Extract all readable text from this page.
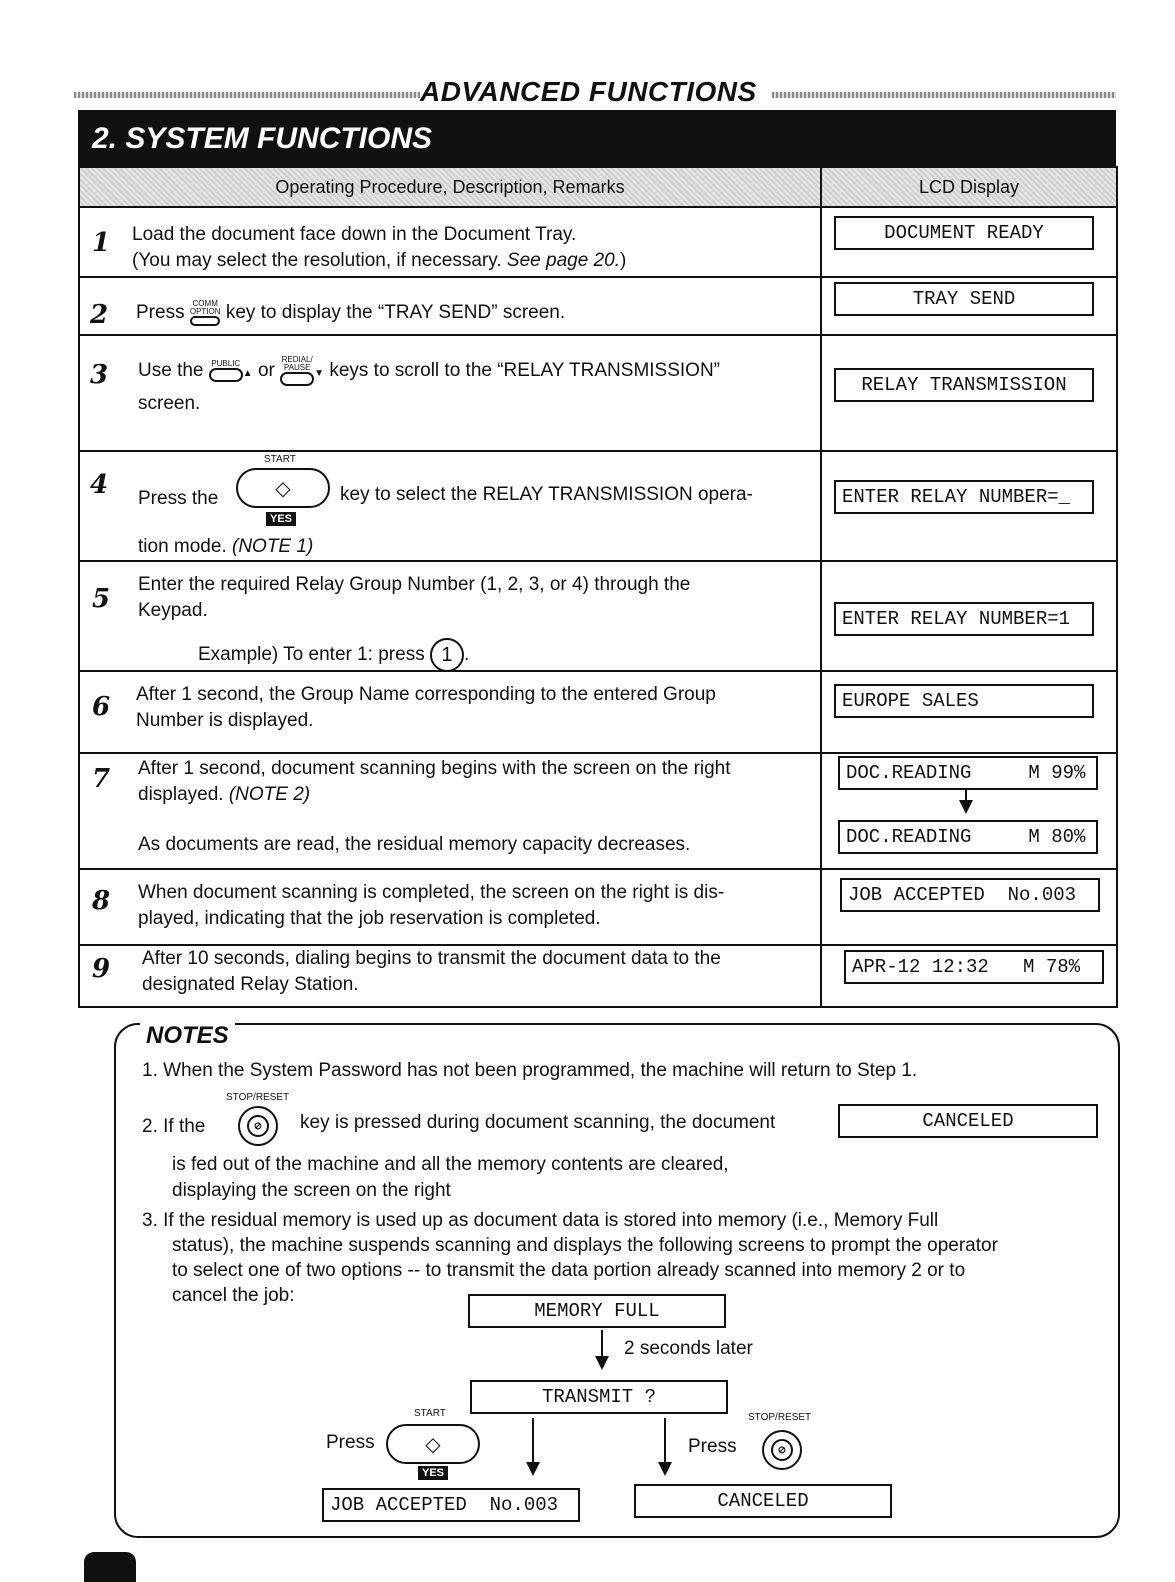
ADVANCED FUNCTIONS
2. SYSTEM FUNCTIONS
Operating Procedure, Description, Remarks	LCD Display
1 Load the document face down in the Document Tray.
(You may select the resolution, if necessary. See page 20.)
DOCUMENT READY
2 Press COMM
OPTION key to display the “TRAY SEND” screen.
TRAY SEND
3 Use the PUBLIC
▲ or
REDIAL/
PAUSE
▼ keys to scroll to the “RELAY TRANSMISSION”
screen.
RELAY TRANSMISSION
4 Press the
START
◇
YES
key to select the RELAY TRANSMISSION opera-
tion mode. (NOTE 1)
ENTER RELAY NUMBER=_
5 Enter the required Relay Group Number (1, 2, 3, or 4) through the
Keypad.
Example) To enter 1: press 1 .
ENTER RELAY NUMBER=1
6 After 1 second, the Group Name corresponding to the entered Group
Number is displayed.
EUROPE SALES
7 After 1 second, document scanning begins with the screen on the right
displayed. (NOTE 2)
As documents are read, the residual memory capacity decreases.
DOC.READING     M 99%
DOC.READING     M 80%
8 When document scanning is completed, the screen on the right is dis-
played, indicating that the job reservation is completed.
JOB ACCEPTED  No.003
9 After 10 seconds, dialing begins to transmit the document data to the
designated Relay Station.
APR-12 12:32   M 78%
NOTES
1. When the System Password has not been programmed, the machine will return to Step 1.
STOP/RESET
2. If the	⊘	key is pressed during document scanning, the document	CANCELED
is fed out of the machine and all the memory contents are cleared,
displaying the screen on the right
3. If the residual memory is used up as document data is stored into memory (i.e., Memory Full
status), the machine suspends scanning and displays the following screens to prompt the operator
to select one of two options -- to transmit the data portion already scanned into memory 2 or to
cancel the job:
MEMORY FULL
2 seconds later
TRANSMIT ?
Press
START
◇
YES
Press
STOP/RESET
⊘
JOB ACCEPTED  No.003	CANCELED
